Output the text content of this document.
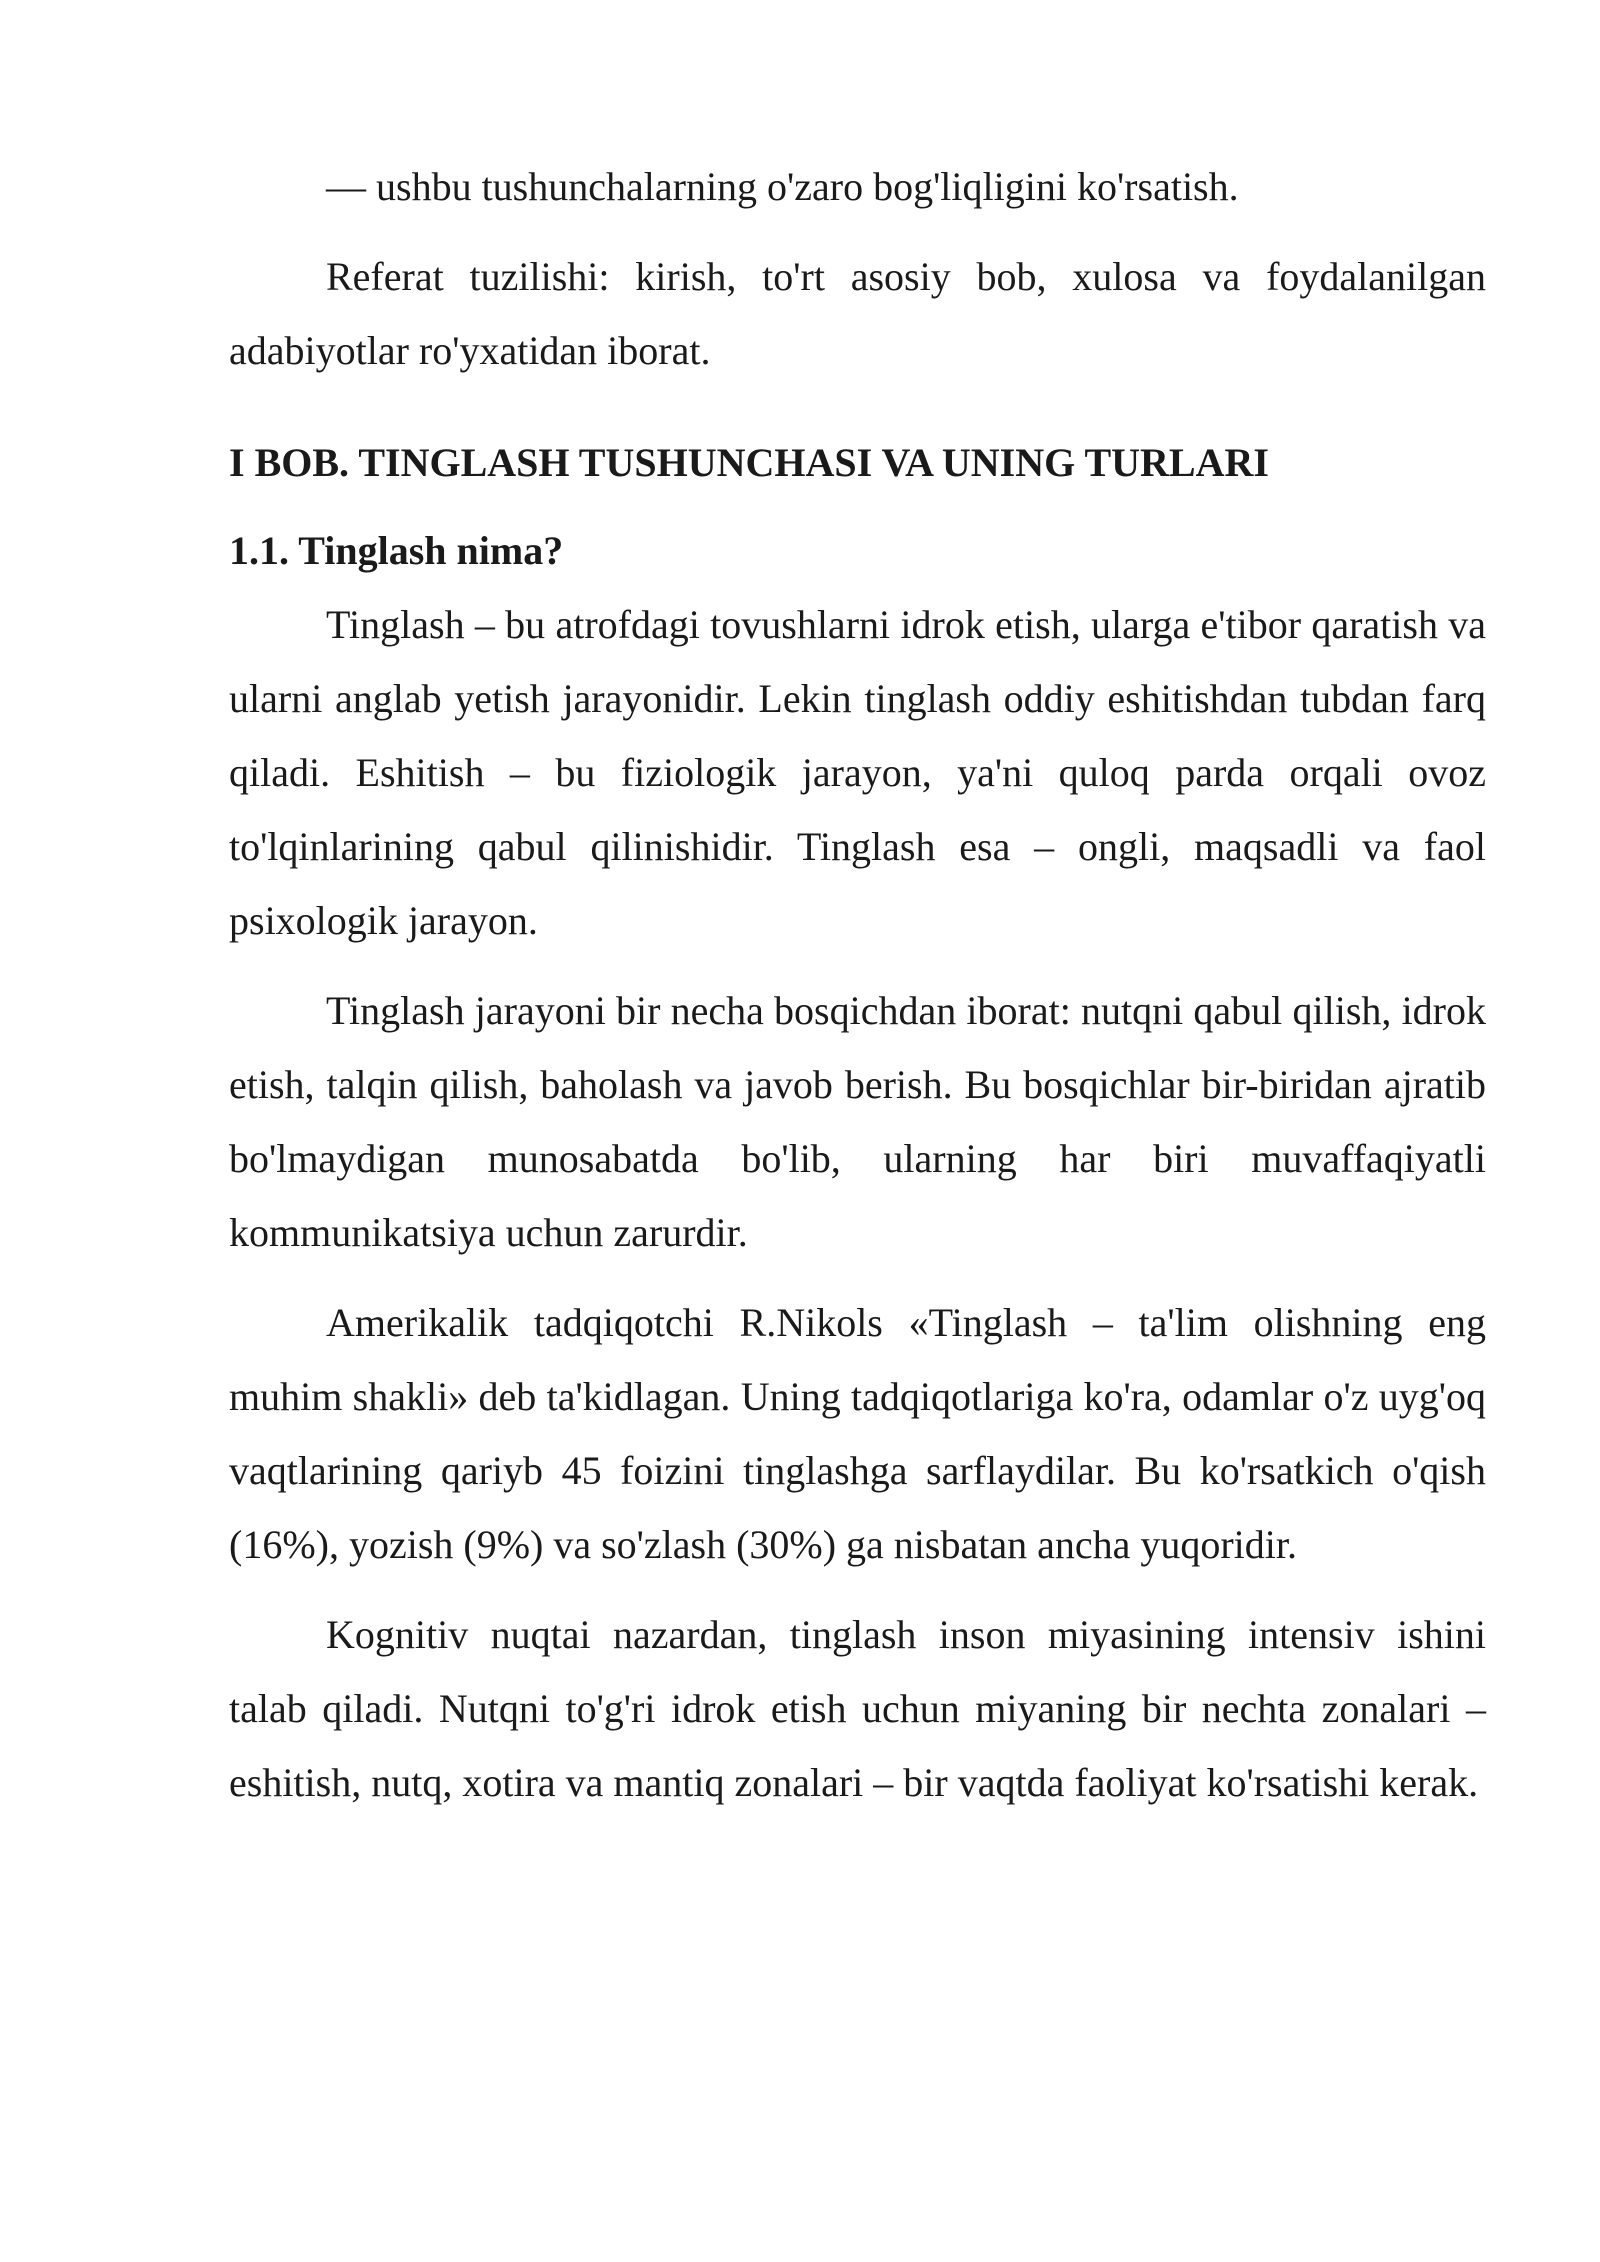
— ushbu tushunchalarning o'zaro bog'liqligini ko'rsatish.

Referat tuzilishi: kirish, to'rt asosiy bob, xulosa va foydalanilgan adabiyotlar ro'yxatidan iborat.

I BOB. TINGLASH TUSHUNCHASI VA UNING TURLARI
1.1. Tinglash nima?

Tinglash – bu atrofdagi tovushlarni idrok etish, ularga e'tibor qaratish va ularni anglab yetish jarayonidir. Lekin tinglash oddiy eshitishdan tubdan farq qiladi. Eshitish – bu fiziologik jarayon, ya'ni quloq parda orqali ovoz to'lqinlarining qabul qilinishidir. Tinglash esa – ongli, maqsadli va faol psixologik jarayon.

Tinglash jarayoni bir necha bosqichdan iborat: nutqni qabul qilish, idrok etish, talqin qilish, baholash va javob berish. Bu bosqichlar bir-biridan ajratib bo'lmaydigan munosabatda bo'lib, ularning har biri muvaffaqiyatli kommunikatsiya uchun zarurdir.

Amerikalik tadqiqotchi R.Nikols «Tinglash – ta'lim olishning eng muhim shakli» deb ta'kidlagan. Uning tadqiqotlariga ko'ra, odamlar o'z uyg'oq vaqtlarining qariyb 45 foizini tinglashga sarflaydilar. Bu ko'rsatkich o'qish (16%), yozish (9%) va so'zlash (30%) ga nisbatan ancha yuqoridir.

Kognitiv nuqtai nazardan, tinglash inson miyasining intensiv ishini talab qiladi. Nutqni to'g'ri idrok etish uchun miyaning bir nechta zonalari – eshitish, nutq, xotira va mantiq zonalari – bir vaqtda faoliyat ko'rsatishi kerak.
